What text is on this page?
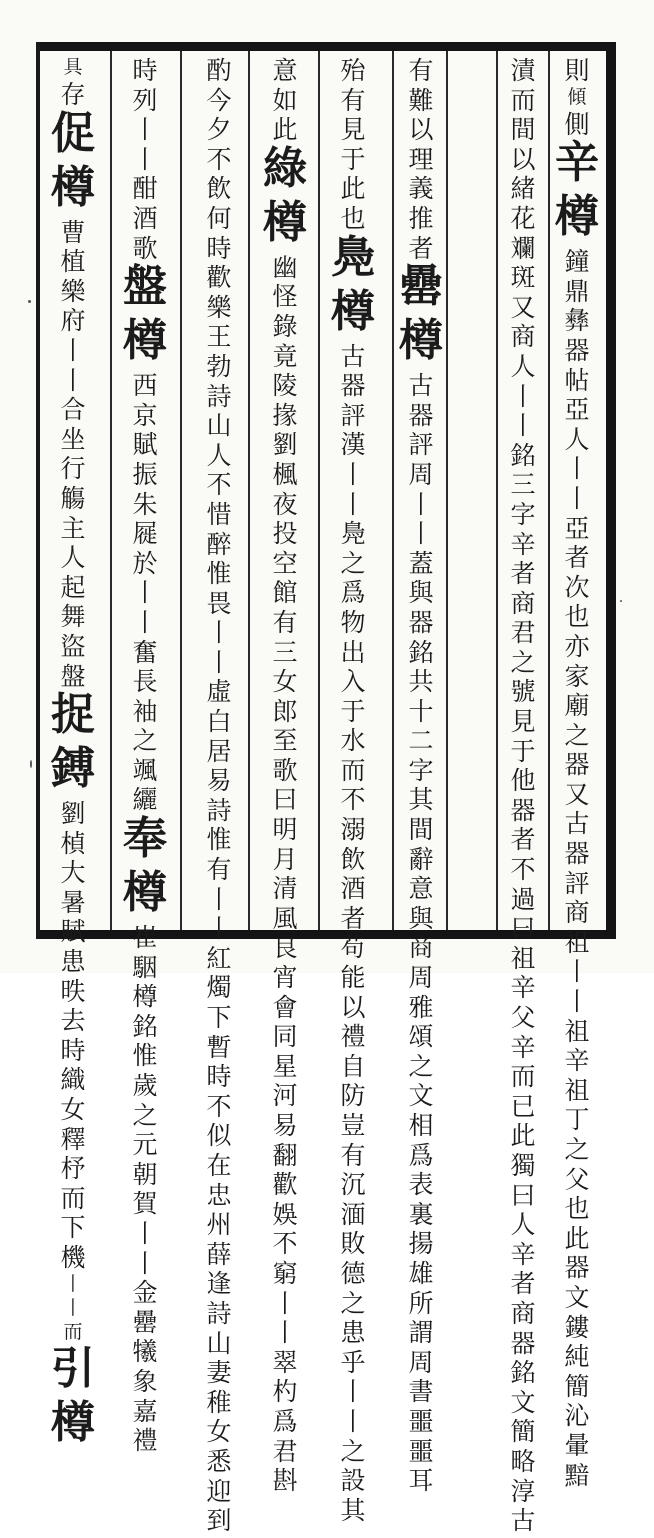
則
傾
側
辛
樽
鐘
鼎
彝
器
帖
亞
人
丨
丨
亞
者
次
也
亦
家
廟
之
器
又
古
器
評
商
祖
丨
丨
祖
辛
祖
丁
之
父
也
此
器
文
鏤
純
簡
沁
暈
黯
漬
而
間
以
緒
花
斕
斑
又
商
人
丨
丨
銘
三
字
辛
者
商
君
之
號
見
于
他
器
者
不
過
曰
祖
辛
父
辛
而
已
此
獨
曰
人
辛
者
商
器
銘
文
簡
略
淳
古
有
難
以
理
義
推
者
罍
樽
古
器
評
周
丨
丨
蓋
與
器
銘
共
十
二
字
其
間
辭
意
與
商
周
雅
頌
之
文
相
爲
表
裏
揚
雄
所
謂
周
書
噩
噩
耳
殆
有
見
于
此
也
鳧
樽
古
器
評
漢
丨
丨
鳧
之
爲
物
出
入
于
水
而
不
溺
飲
酒
者
苟
能
以
禮
自
防
豈
有
沉
湎
敗
德
之
患
乎
丨
丨
之
設
其
意
如
此
綠
樽
幽
怪
錄
竟
陵
掾
劉
楓
夜
投
空
館
有
三
女
郎
至
歌
曰
明
月
清
風
良
宵
會
同
星
河
易
翻
歡
娛
不
窮
丨
丨
翠
杓
爲
君
斟
酌
今
夕
不
飲
何
時
歡
樂
王
勃
詩
山
人
不
惜
醉
惟
畏
丨
丨
虛
白
居
易
詩
惟
有
丨
丨
紅
燭
下
暫
時
不
似
在
忠
州
薛
逢
詩
山
妻
稚
女
悉
迎
到
時
列
丨
丨
酣
酒
歌
盤
樽
西
京
賦
振
朱
屣
於
丨
丨
奮
長
袖
之
颯
纚
奉
樽
崔
駰
樽
銘
惟
歲
之
元
朝
賀
丨
丨
金
罍
犧
象
嘉
禮
具
存
促
樽
曹
植
樂
府
丨
丨
合
坐
行
觴
主
人
起
舞
盜
盤
捉
鎛
劉
楨
大
暑
賦
患
昳
去
時
織
女
釋
杼
而
下
機
丨
丨
而
引
樽
